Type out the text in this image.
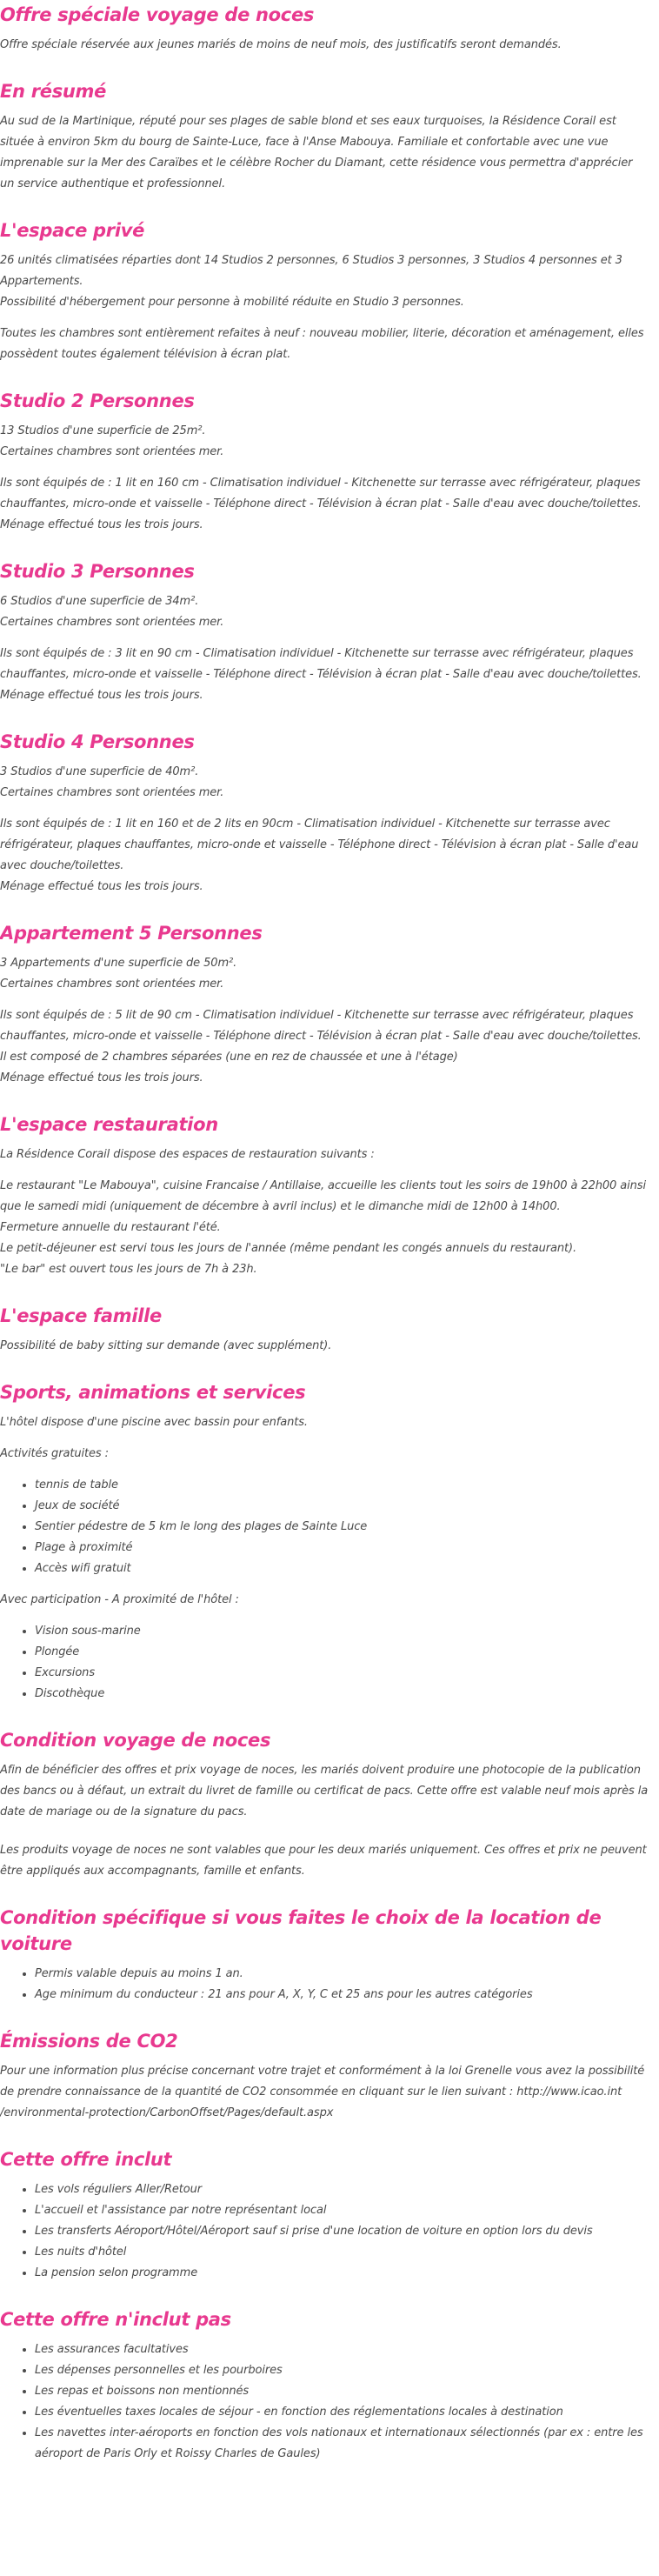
Offre spéciale voyage de noces

Offre spéciale réservée aux jeunes mariés de moins de neuf mois, des justificatifs seront demandés.

En résumé

Au sud de la Martinique, réputé pour ses plages de sable blond et ses eaux turquoises, la Résidence Corail est située à environ 5km du bourg de Sainte-Luce, face à l'Anse Mabouya. Familiale et confortable avec une vue imprenable sur la Mer des Caraïbes et le célèbre Rocher du Diamant, cette résidence vous permettra d'apprécier un service authentique et professionnel.

L'espace privé

26 unités climatisées réparties dont 14 Studios 2 personnes, 6 Studios 3 personnes, 3 Studios 4 personnes et 3 Appartements.

Possibilité d'hébergement pour personne à mobilité réduite en Studio 3 personnes.

Toutes les chambres sont entièrement refaites à neuf : nouveau mobilier, literie, décoration et aménagement, elles possèdent toutes également télévision à écran plat.

Studio 2 Personnes

13 Studios d'une superficie de 25m².

Certaines chambres sont orientées mer.

Ils sont équipés de : 1 lit en 160 cm - Climatisation individuel - Kitchenette sur terrasse avec réfrigérateur, plaques chauffantes, micro-onde et vaisselle - Téléphone direct - Télévision à écran plat - Salle d'eau avec douche/toilettes.

Ménage effectué tous les trois jours.

Studio 3 Personnes

6 Studios d'une superficie de 34m².

Certaines chambres sont orientées mer.

Ils sont équipés de : 3 lit en 90 cm - Climatisation individuel - Kitchenette sur terrasse avec réfrigérateur, plaques chauffantes, micro-onde et vaisselle - Téléphone direct - Télévision à écran plat - Salle d'eau avec douche/toilettes.

Ménage effectué tous les trois jours.

Studio 4 Personnes

3 Studios d'une superficie de 40m².

Certaines chambres sont orientées mer.

Ils sont équipés de : 1 lit en 160 et de 2 lits en 90cm - Climatisation individuel - Kitchenette sur terrasse avec réfrigérateur, plaques chauffantes, micro-onde et vaisselle - Téléphone direct - Télévision à écran plat - Salle d'eau avec douche/toilettes.

Ménage effectué tous les trois jours.

Appartement 5 Personnes

3 Appartements d'une superficie de 50m².

Certaines chambres sont orientées mer.

Ils sont équipés de : 5 lit de 90 cm - Climatisation individuel - Kitchenette sur terrasse avec réfrigérateur, plaques chauffantes, micro-onde et vaisselle - Téléphone direct - Télévision à écran plat - Salle d'eau avec douche/toilettes.

Il est composé de 2 chambres séparées (une en rez de chaussée et une à l'étage)

Ménage effectué tous les trois jours.

L'espace restauration

La Résidence Corail dispose des espaces de restauration suivants :

Le restaurant "Le Mabouya", cuisine Francaise / Antillaise, accueille les clients tout les soirs de 19h00 à 22h00 ainsi que le samedi midi (uniquement de décembre à avril inclus) et le dimanche midi de 12h00 à 14h00.

Fermeture annuelle du restaurant l'été.

Le petit-déjeuner est servi tous les jours de l'année (même pendant les congés annuels du restaurant).

"Le bar" est ouvert tous les jours de 7h à 23h.

L'espace famille

Possibilité de baby sitting sur demande (avec supplément).

Sports, animations et services

L'hôtel dispose d'une piscine avec bassin pour enfants.

Activités gratuites :

• tennis de table
• Jeux de société
• Sentier pédestre de 5 km le long des plages de Sainte Luce
• Plage à proximité
• Accès wifi gratuit

Avec participation - A proximité de l'hôtel :

• Vision sous-marine
• Plongée
• Excursions
• Discothèque
Condition voyage de noces

Afin de bénéficier des offres et prix voyage de noces, les mariés doivent produire une photocopie de la publication des bancs ou à défaut, un extrait du livret de famille ou certificat de pacs. Cette offre est valable neuf mois après la date de mariage ou de la signature du pacs.

Les produits voyage de noces ne sont valables que pour les deux mariés uniquement. Ces offres et prix ne peuvent être appliqués aux accompagnants, famille et enfants.

Condition spécifique si vous faites le choix de la location de voiture
• Permis valable depuis au moins 1 an.
• Age minimum du conducteur : 21 ans pour A, X, Y, C et 25 ans pour les autres catégories
Émissions de CO2

Pour une information plus précise concernant votre trajet et conformément à la loi Grenelle vous avez la possibilité de prendre connaissance de la quantité de CO2 consommée en cliquant sur le lien suivant : http://www.icao.int /environmental-protection/CarbonOffset/Pages/default.aspx

Cette offre inclut
• Les vols réguliers Aller/Retour
• L'accueil et l'assistance par notre représentant local
• Les transferts Aéroport/Hôtel/Aéroport sauf si prise d'une location de voiture en option lors du devis
• Les nuits d'hôtel
• La pension selon programme
Cette offre n'inclut pas
• Les assurances facultatives
• Les dépenses personnelles et les pourboires
• Les repas et boissons non mentionnés
• Les éventuelles taxes locales de séjour - en fonction des réglementations locales à destination
• Les navettes inter-aéroports en fonction des vols nationaux et internationaux sélectionnés (par ex : entre les aéroport de Paris Orly et Roissy Charles de Gaules)
